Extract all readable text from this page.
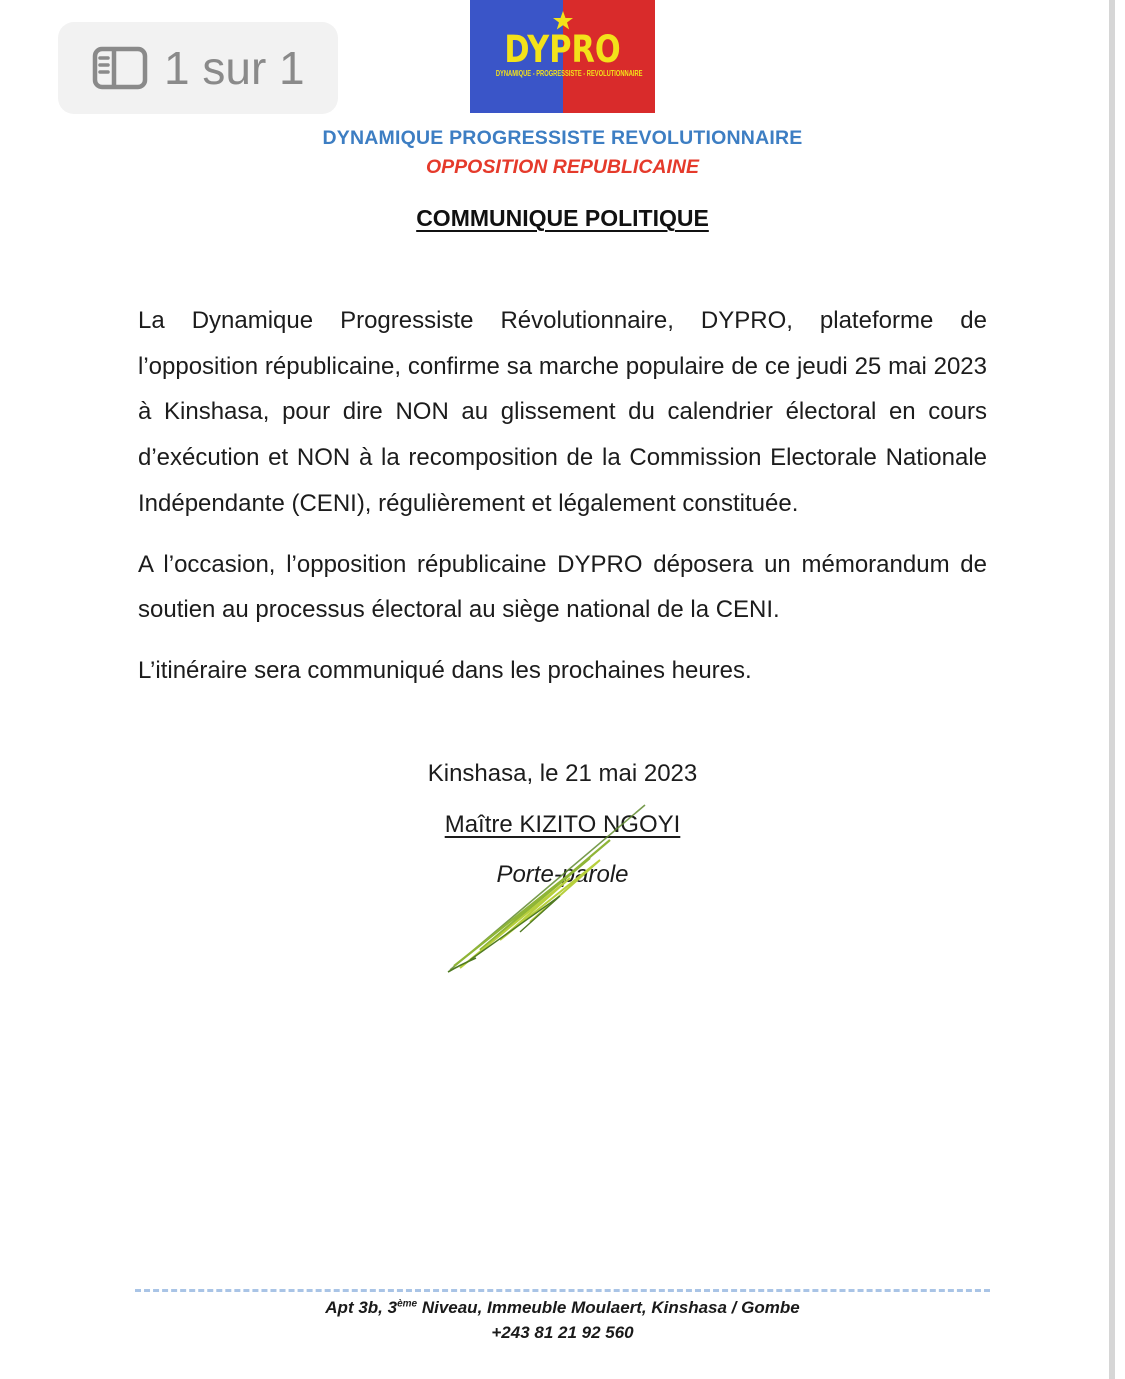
1 sur 1	DYPRO
DYNAMIQUE - PROGRESSISTE - REVOLUTIONNAIRE
DYNAMIQUE PROGRESSISTE REVOLUTIONNAIRE
OPPOSITION REPUBLICAINE
COMMUNIQUE POLITIQUE

La Dynamique Progressiste Révolutionnaire, DYPRO, plateforme de l’opposition républicaine, confirme sa marche populaire de ce jeudi 25 mai 2023 à Kinshasa, pour dire NON au glissement du calendrier électoral en cours d’exécution et NON à la recomposition de la Commission Electorale Nationale Indépendante (CENI), régulièrement et légalement constituée.

A l’occasion, l’opposition républicaine DYPRO déposera un mémorandum de soutien au processus électoral au siège national de la CENI.

L’itinéraire sera communiqué dans les prochaines heures.

Kinshasa, le 21 mai 2023
Maître KIZITO NGOYI
Porte-parole
Apt 3b, 3ème Niveau, Immeuble Moulaert, Kinshasa / Gombe
+243 81 21 92 560
